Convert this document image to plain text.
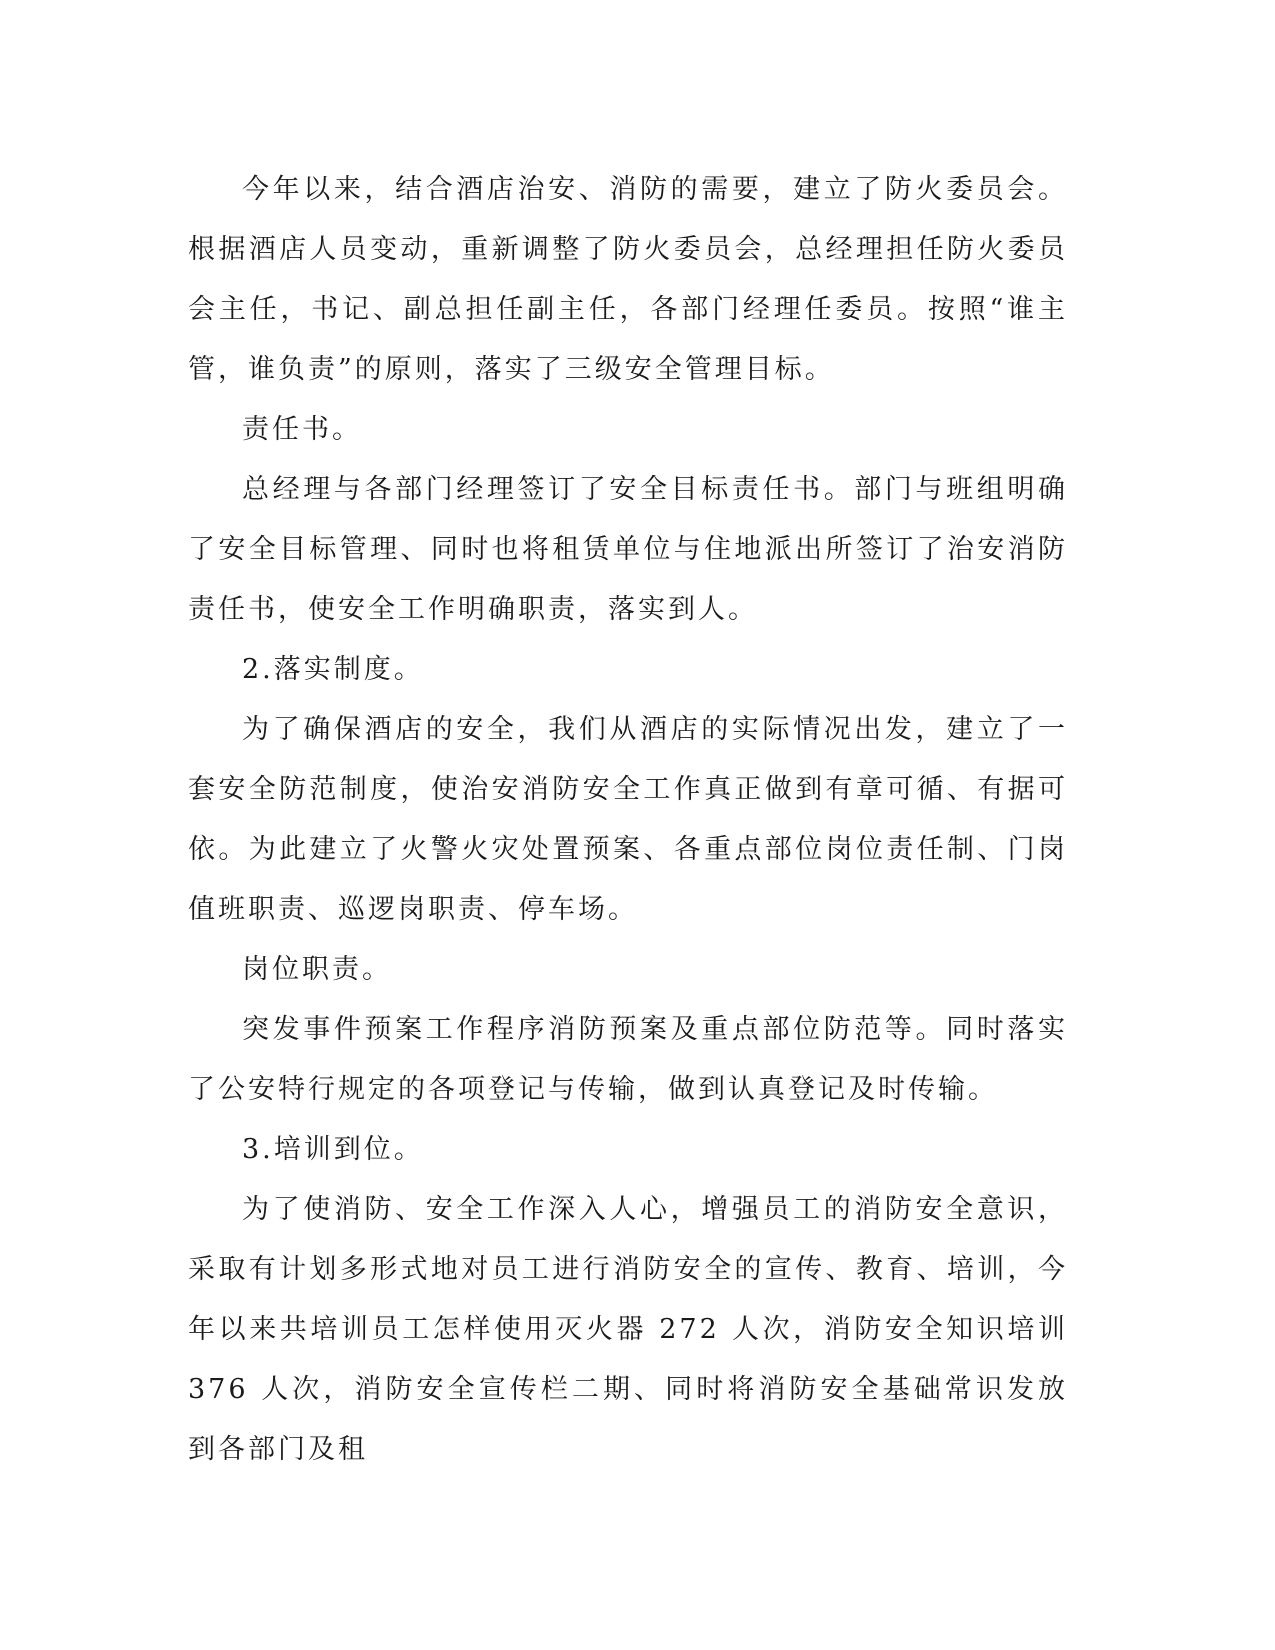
今年以来，结合酒店治安、消防的需要，建立了防火委员会。根据酒店人员变动，重新调整了防火委员会，总经理担任防火委员会主任，书记、副总担任副主任，各部门经理任委员。按照“谁主管，谁负责”的原则，落实了三级安全管理目标。

责任书。

总经理与各部门经理签订了安全目标责任书。部门与班组明确了安全目标管理、同时也将租赁单位与住地派出所签订了治安消防责任书，使安全工作明确职责，落实到人。

2.落实制度。

为了确保酒店的安全，我们从酒店的实际情况出发，建立了一套安全防范制度，使治安消防安全工作真正做到有章可循、有据可依。为此建立了火警火灾处置预案、各重点部位岗位责任制、门岗值班职责、巡逻岗职责、停车场。

岗位职责。

突发事件预案工作程序消防预案及重点部位防范等。同时落实了公安特行规定的各项登记与传输，做到认真登记及时传输。

3.培训到位。

为了使消防、安全工作深入人心，增强员工的消防安全意识，采取有计划多形式地对员工进行消防安全的宣传、教育、培训，今年以来共培训员工怎样使用灭火器 272 人次，消防安全知识培训 376 人次，消防安全宣传栏二期、同时将消防安全基础常识发放到各部门及租
